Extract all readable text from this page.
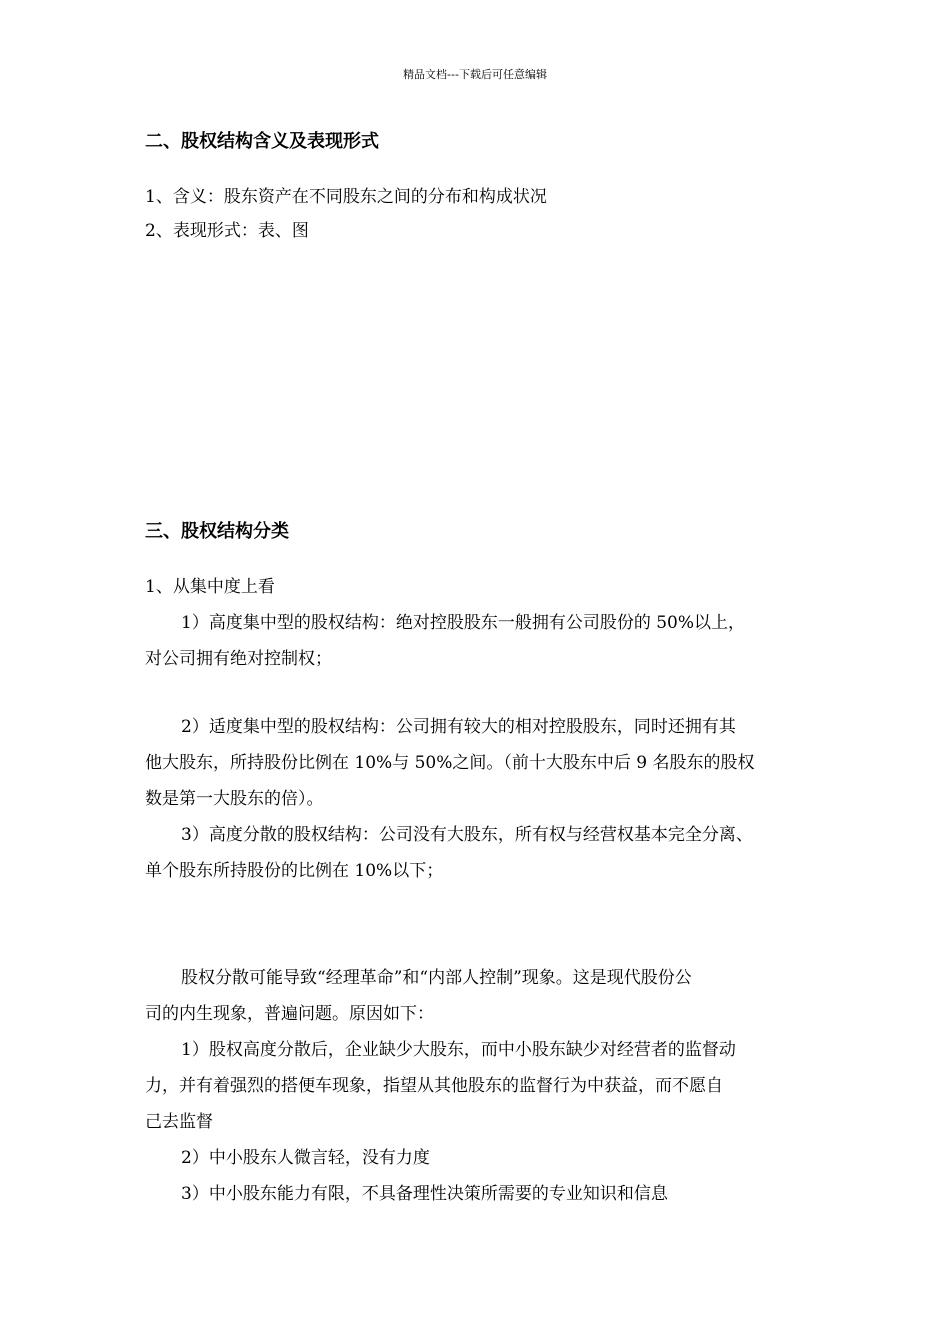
精品文档---下载后可任意编辑
二、股权结构含义及表现形式
1、含义：股东资产在不同股东之间的分布和构成状况
2、表现形式：表、图
三、股权结构分类
1、从集中度上看
1）高度集中型的股权结构：绝对控股股东一般拥有公司股份的 50%以上，
对公司拥有绝对控制权；
2）适度集中型的股权结构：公司拥有较大的相对控股股东，同时还拥有其
他大股东，所持股份比例在 10%与 50%之间。（前十大股东中后 9 名股东的股权
数是第一大股东的倍）。
3）高度分散的股权结构：公司没有大股东，所有权与经营权基本完全分离、
单个股东所持股份的比例在 10%以下；
股权分散可能导致“经理革命”和“内部人控制”现象。这是现代股份公
司的内生现象，普遍问题。原因如下：
1）股权高度分散后，企业缺少大股东，而中小股东缺少对经营者的监督动
力，并有着强烈的搭便车现象，指望从其他股东的监督行为中获益，而不愿自
己去监督
2）中小股东人微言轻，没有力度
3）中小股东能力有限，不具备理性决策所需要的专业知识和信息
